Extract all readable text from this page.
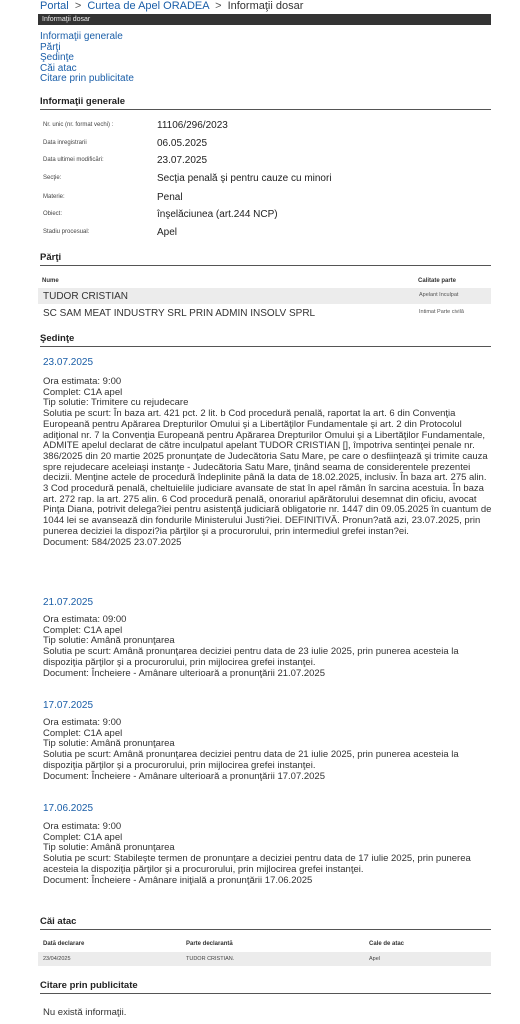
Portal > Curtea de Apel ORADEA > Informaţii dosar
Informaţii dosar
Informaţii generale
Părţi
Şedinţe
Căi atac
Citare prin publicitate
Informaţii generale
Nr. unic (nr. format vechi) :	11106/296/2023
Data inregistrarii	06.05.2025
Data ultimei modificări:	23.07.2025
Secţie:	Secţia penală şi pentru cauze cu minori
Materie:	Penal
Obiect:	înşelăciunea (art.244 NCP)
Stadiu procesual:	Apel
Părţi
Nume	Calitate parte
TUDOR CRISTIAN	Apelant Inculpat
SC SAM MEAT INDUSTRY SRL PRIN ADMIN INSOLV SPRL	Intimat Parte civilă
Şedinţe
23.07.2025
Ora estimata: 9:00
Complet: C1A apel
Tip solutie: Trimitere cu rejudecare
Solutia pe scurt: În baza art. 421 pct. 2 lit. b Cod procedură penală, raportat la art. 6 din Convenţia Europeană pentru Apărarea Drepturilor Omului şi a Libertăţilor Fundamentale şi art. 2 din Protocolul adiţional nr. 7 la Convenţia Europeană pentru Apărarea Drepturilor Omului şi a Libertăţilor Fundamentale, ADMITE apelul declarat de către inculpatul apelant TUDOR CRISTIAN [], împotriva sentinţei penale nr. 386/2025 din 20 martie 2025 pronunţate de Judecătoria Satu Mare, pe care o desfiinţează şi trimite cauza spre rejudecare aceleiaşi instanţe - Judecătoria Satu Mare, ţinând seama de considerentele prezentei decizii. Menţine actele de procedură îndeplinite până la data de 18.02.2025, inclusiv. În baza art. 275 alin. 3 Cod procedură penală, cheltuielile judiciare avansate de stat în apel rămân în sarcina acestuia. În baza art. 272 rap. la art. 275 alin. 6 Cod procedură penală, onorariul apărătorului desemnat din oficiu, avocat Pinţa Diana, potrivit delega?iei pentru asistenţă judiciară obligatorie nr. 1447 din 09.05.2025 în cuantum de 1044 lei se avansează din fondurile Ministerului Justi?iei. DEFINITIVĂ. Pronun?ată azi, 23.07.2025, prin punerea deciziei la dispozi?ia părţilor şi a procurorului, prin intermediul grefei instan?ei.
Document: 584/2025 23.07.2025
21.07.2025
Ora estimata: 09:00
Complet: C1A apel
Tip solutie: Amână pronunţarea
Solutia pe scurt: Amână pronunţarea deciziei pentru data de 23 iulie 2025, prin punerea acesteia la dispoziţia părţilor şi a procurorului, prin mijlocirea grefei instanţei.
Document: Încheiere - Amânare ulterioară a pronunţării 21.07.2025
17.07.2025
Ora estimata: 9:00
Complet: C1A apel
Tip solutie: Amână pronunţarea
Solutia pe scurt: Amână pronunţarea deciziei pentru data de 21 iulie 2025, prin punerea acesteia la dispoziţia părţilor şi a procurorului, prin mijlocirea grefei instanţei.
Document: Încheiere - Amânare ulterioară a pronunţării 17.07.2025
17.06.2025
Ora estimata: 9:00
Complet: C1A apel
Tip solutie: Amână pronunţarea
Solutia pe scurt: Stabileşte termen de pronunţare a deciziei pentru data de 17 iulie 2025, prin punerea acesteia la dispoziţia părţilor şi a procurorului, prin mijlocirea grefei instanţei.
Document: Încheiere - Amânare iniţială a pronunţării 17.06.2025
Căi atac
Dată declarare	Parte declarantă	Cale de atac
23/04/2025	TUDOR CRISTIAN.	Apel
Citare prin publicitate
Nu există informaţii.
